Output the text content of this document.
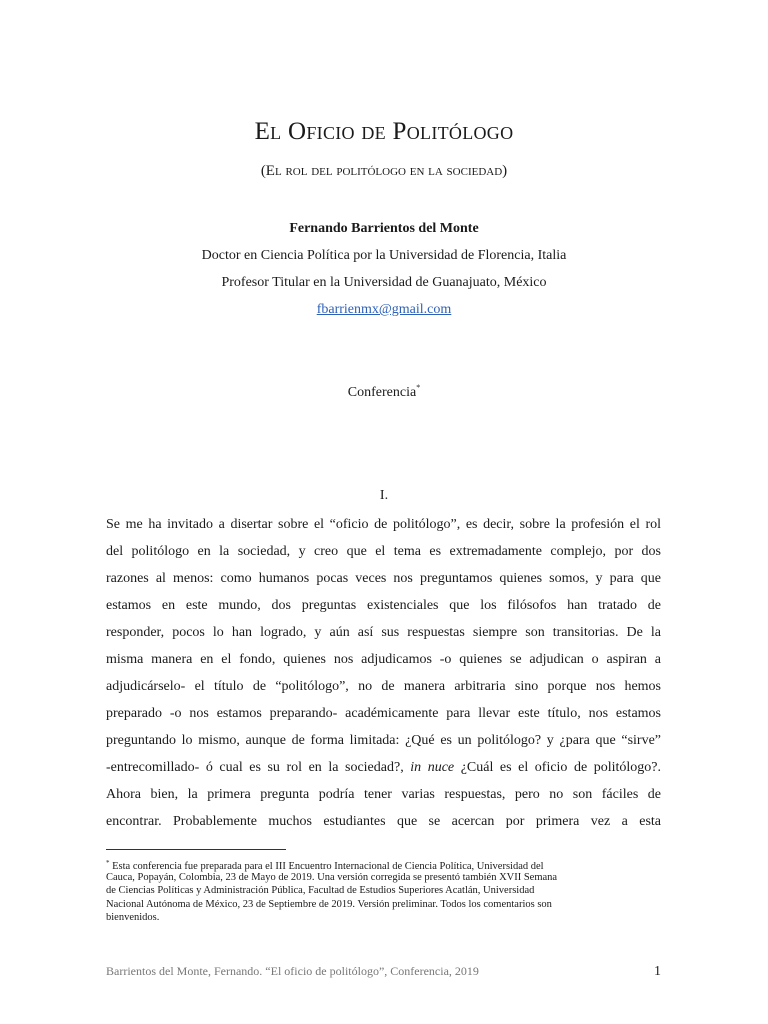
El Oficio de Politólogo
(El rol del politólogo en la sociedad)
Fernando Barrientos del Monte
Doctor en Ciencia Política por la Universidad de Florencia, Italia
Profesor Titular en la Universidad de Guanajuato, México
fbarrienmx@gmail.com
Conferencia*
I.
Se me ha invitado a disertar sobre el “oficio de politólogo”, es decir, sobre la profesión el rol
del politólogo en la sociedad, y creo que el tema es extremadamente complejo, por dos
razones al menos: como humanos pocas veces nos preguntamos quienes somos, y para que
estamos en este mundo, dos preguntas existenciales que los filósofos han tratado de
responder, pocos lo han logrado, y aún así sus respuestas siempre son transitorias. De la
misma manera en el fondo, quienes nos adjudicamos -o quienes se adjudican o aspiran a
adjudicárselo- el título de “politólogo”, no de manera arbitraria sino porque nos hemos
preparado -o nos estamos preparando- académicamente para llevar este título, nos estamos
preguntando lo mismo, aunque de forma limitada: ¿Qué es un politólogo? y ¿para que “sirve”
-entrecomillado- ó cual es su rol en la sociedad?, in nuce ¿Cuál es el oficio de politólogo?.
Ahora bien, la primera pregunta podría tener varias respuestas, pero no son fáciles de
encontrar. Probablemente muchos estudiantes que se acercan por primera vez a esta
* Esta conferencia fue preparada para el III Encuentro Internacional de Ciencia Política, Universidad del
Cauca, Popayán, Colombia, 23 de Mayo de 2019. Una versión corregida se presentó también XVII Semana
de Ciencias Políticas y Administración Pública, Facultad de Estudios Superiores Acatlán, Universidad
Nacional Autónoma de México, 23 de Septiembre de 2019. Versión preliminar. Todos los comentarios son
bienvenidos.
Barrientos del Monte, Fernando. “El oficio de politólogo”, Conferencia, 2019	1
